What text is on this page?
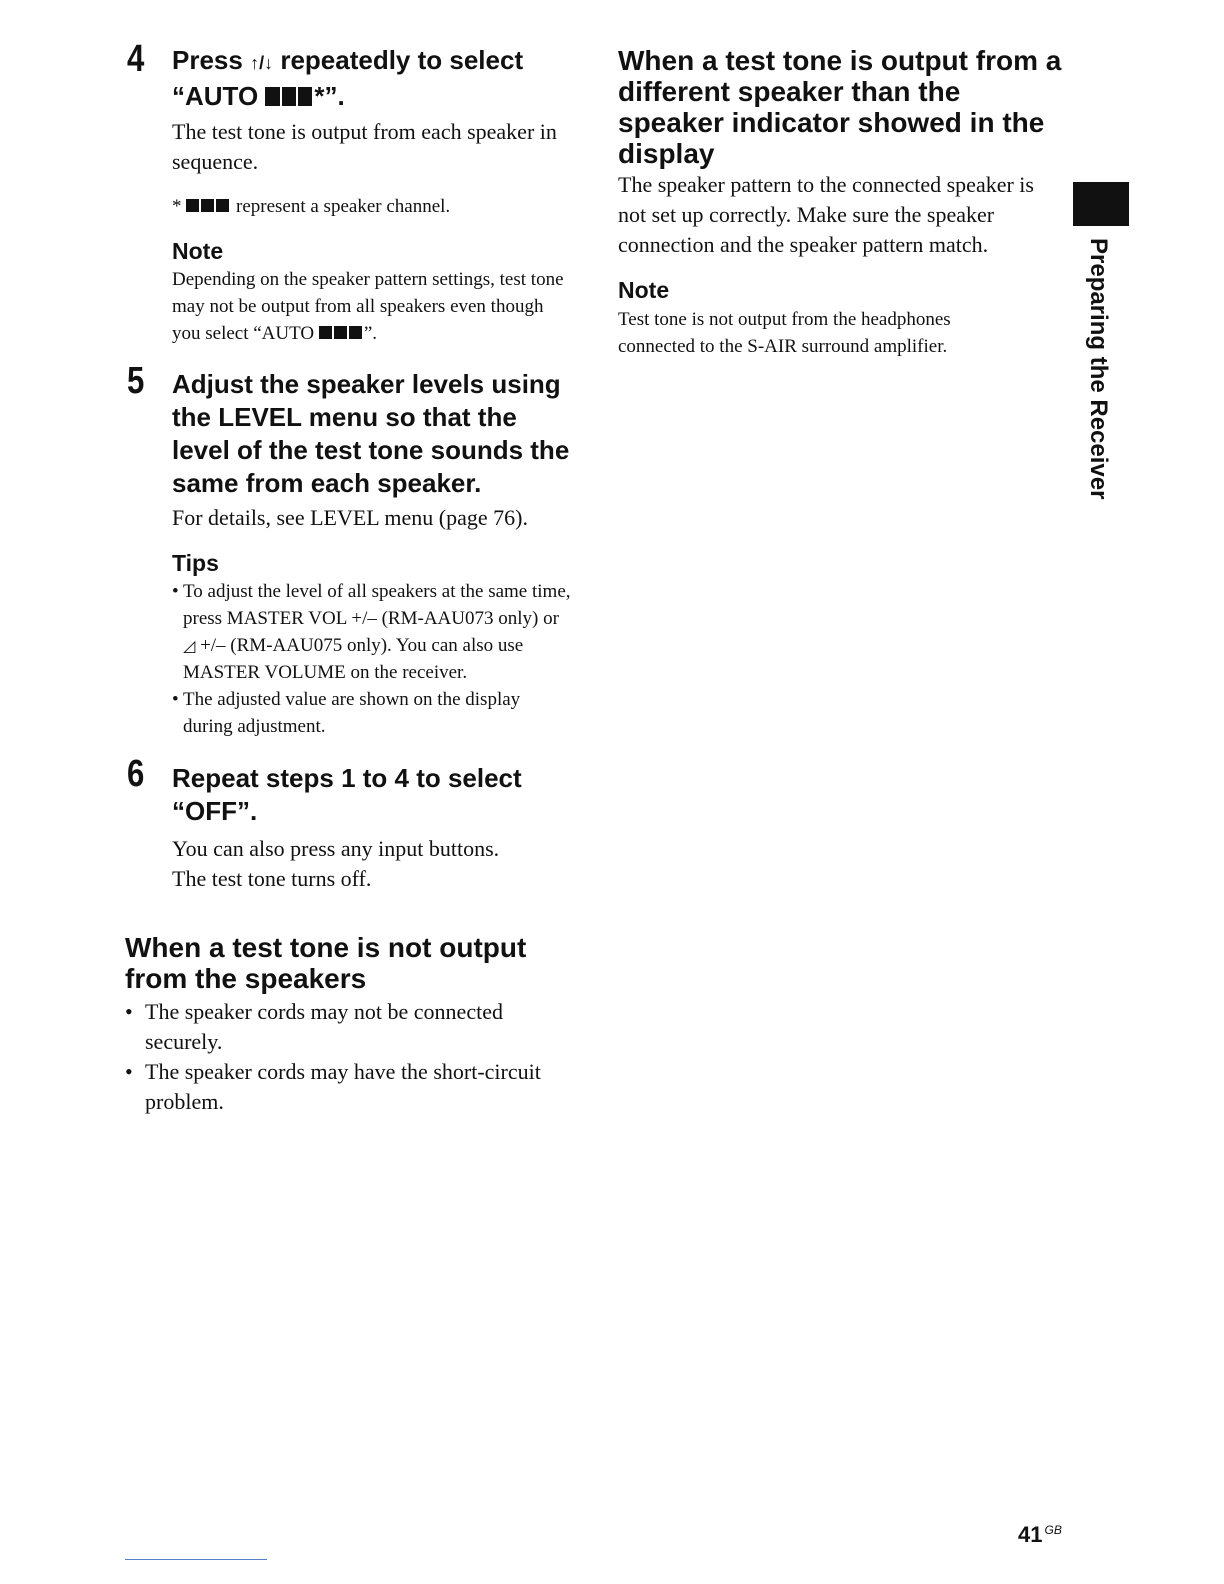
4 Press ↑/↓ repeatedly to select
“AUTO *”.
The test tone is output from each speaker in sequence.
*	represent a speaker channel.
Note
Depending on the speaker pattern settings, test tone may not be output from all speakers even though you select “AUTO	”.
5 Adjust the speaker levels using the LEVEL menu so that the level of the test tone sounds the same from each speaker.
For details, see LEVEL menu (page 76).
Tips
• To adjust the level of all speakers at the same time, press MASTER VOL +/– (RM-AAU073 only) or ◿ +/– (RM-AAU075 only). You can also use MASTER VOLUME on the receiver.
• The adjusted value are shown on the display during adjustment.
6 Repeat steps 1 to 4 to select “OFF”.
You can also press any input buttons.
The test tone turns off.
When a test tone is not output from the speakers
• The speaker cords may not be connected securely.
• The speaker cords may have the short-circuit problem.
When a test tone is output from a different speaker than the speaker indicator showed in the display
The speaker pattern to the connected speaker is not set up correctly. Make sure the speaker connection and the speaker pattern match.
Note
Test tone is not output from the headphones connected to the S-AIR surround amplifier.	Preparing the Receiver
41 $^{GB}$
